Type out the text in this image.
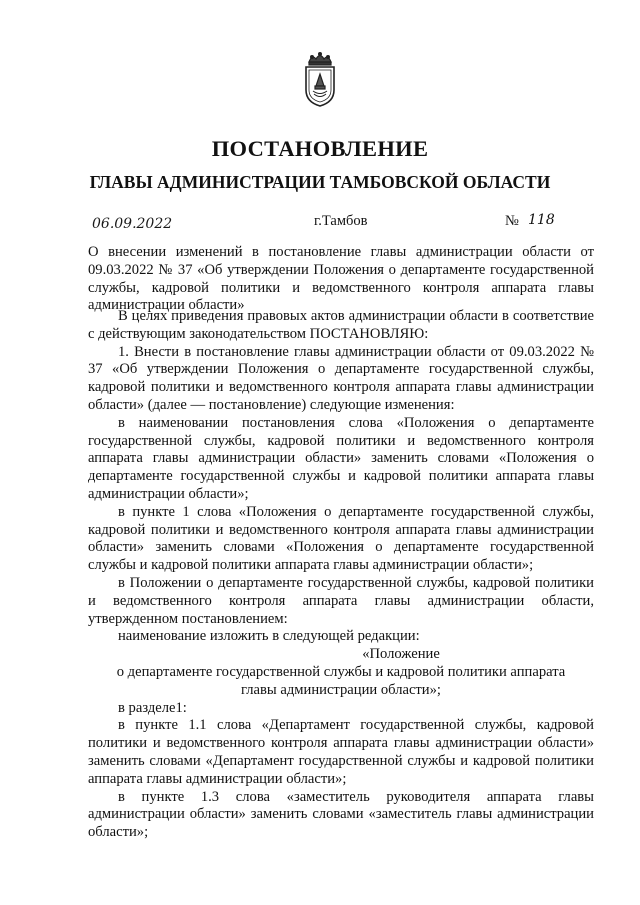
ПОСТАНОВЛЕНИЕ
ГЛАВЫ АДМИНИСТРАЦИИ ТАМБОВСКОЙ ОБЛАСТИ
06.09.2022	г.Тамбов	№ 118

О внесении изменений в постановление главы администрации области от 09.03.2022 № 37 «Об утверждении Положения о департаменте государственной службы, кадровой политики и ведомственного контроля аппарата главы администрации области»

В целях приведения правовых актов администрации области в соответствие с действующим законодательством ПОСТАНОВЛЯЮ:

1. Внести в постановление главы администрации области от 09.03.2022 № 37 «Об утверждении Положения о департаменте государственной службы, кадровой политики и ведомственного контроля аппарата главы администрации области» (далее — постановление) следующие изменения:

в наименовании постановления слова «Положения о департаменте государственной службы, кадровой политики и ведомственного контроля аппарата главы администрации области» заменить словами «Положения о департаменте государственной службы и кадровой политики аппарата главы администрации области»;

в пункте 1 слова «Положения о департаменте государственной службы, кадровой политики и ведомственного контроля аппарата главы администрации области» заменить словами «Положения о департаменте государственной службы и кадровой политики аппарата главы администрации области»;

в Положении о департаменте государственной службы, кадровой политики и ведомственного контроля аппарата главы администрации области, утвержденном постановлением:

наименование изложить в следующей редакции:

«Положение

о департаменте государственной службы и кадровой политики аппарата главы администрации области»;

в разделе1:

в пункте 1.1 слова «Департамент государственной службы, кадровой политики и ведомственного контроля аппарата главы администрации области» заменить словами «Департамент государственной службы и кадровой политики аппарата главы администрации области»;

в пункте 1.3 слова «заместитель руководителя аппарата главы администрации области» заменить словами «заместитель главы администрации области»;
